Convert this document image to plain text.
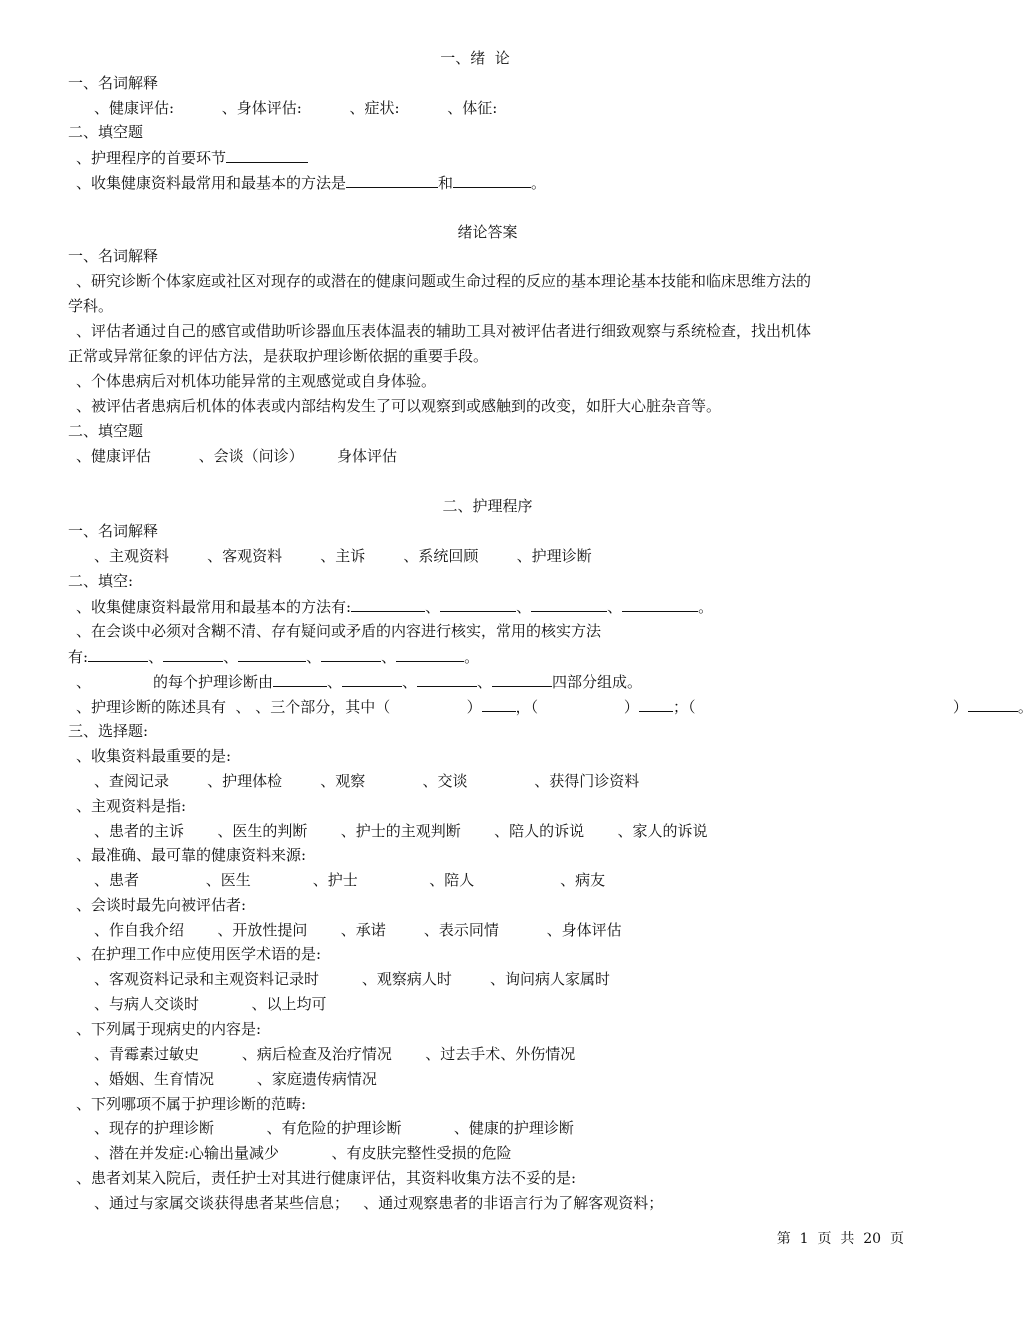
一、绪  论
一、名词解释
、健康评估:          、身体评估:          、症状:          、体征:
二、填空题
、护理程序的首要环节
、收集健康资料最常用和最基本的方法是	和	。
绪论答案
一、名词解释
、研究诊断个体家庭或社区对现存的或潜在的健康问题或生命过程的反应的基本理论基本技能和临床思维方法的
学科。
、评估者通过自己的感官或借助听诊器血压表体温表的辅助工具对被评估者进行细致观察与系统检查，找出机体
正常或异常征象的评估方法，是获取护理诊断依据的重要手段。
、个体患病后对机体功能异常的主观感觉或自身体验。
、被评估者患病后机体的体表或内部结构发生了可以观察到或感触到的改变，如肝大心脏杂音等。
二、填空题
、健康评估          、会谈（问诊）       身体评估
二、护理程序
一、名词解释
、主观资料        、客观资料        、主诉        、系统回顾        、护理诊断
二、填空:
、收集健康资料最常用和最基本的方法有:	、	、	、	。
、在会谈中必须对含糊不清、存有疑问或矛盾的内容进行核实，常用的核实方法
有:	、	、	、	、	。
、             的每个护理诊断由	、	、	、	四部分组成。
、护理诊断的陈述具有  、 、三个部分，其中（                ） ，（                  ） ；（                                                      ）	。
三、选择题:
、收集资料最重要的是:
、查阅记录        、护理体检        、观察            、交谈              、获得门诊资料
、主观资料是指:
、患者的主诉       、医生的判断       、护士的主观判断       、陪人的诉说       、家人的诉说
、最准确、最可靠的健康资料来源:
、患者              、医生             、护士               、陪人                  、病友
、会谈时最先向被评估者:
、作自我介绍       、开放性提问       、承诺        、表示同情          、身体评估
、在护理工作中应使用医学术语的是:
、客观资料记录和主观资料记录时         、观察病人时        、询问病人家属时
、与病人交谈时           、以上均可
、下列属于现病史的内容是:
、青霉素过敏史         、病后检查及治疗情况       、过去手术、外伤情况
、婚姻、生育情况         、家庭遗传病情况
、下列哪项不属于护理诊断的范畴:
、现存的护理诊断           、有危险的护理诊断           、健康的护理诊断
、潜在并发症:心输出量减少           、有皮肤完整性受损的危险
、患者刘某入院后，责任护士对其进行健康评估，其资料收集方法不妥的是:
、通过与家属交谈获得患者某些信息；   、通过观察患者的非语言行为了解客观资料；
第  1  页  共  20  页
